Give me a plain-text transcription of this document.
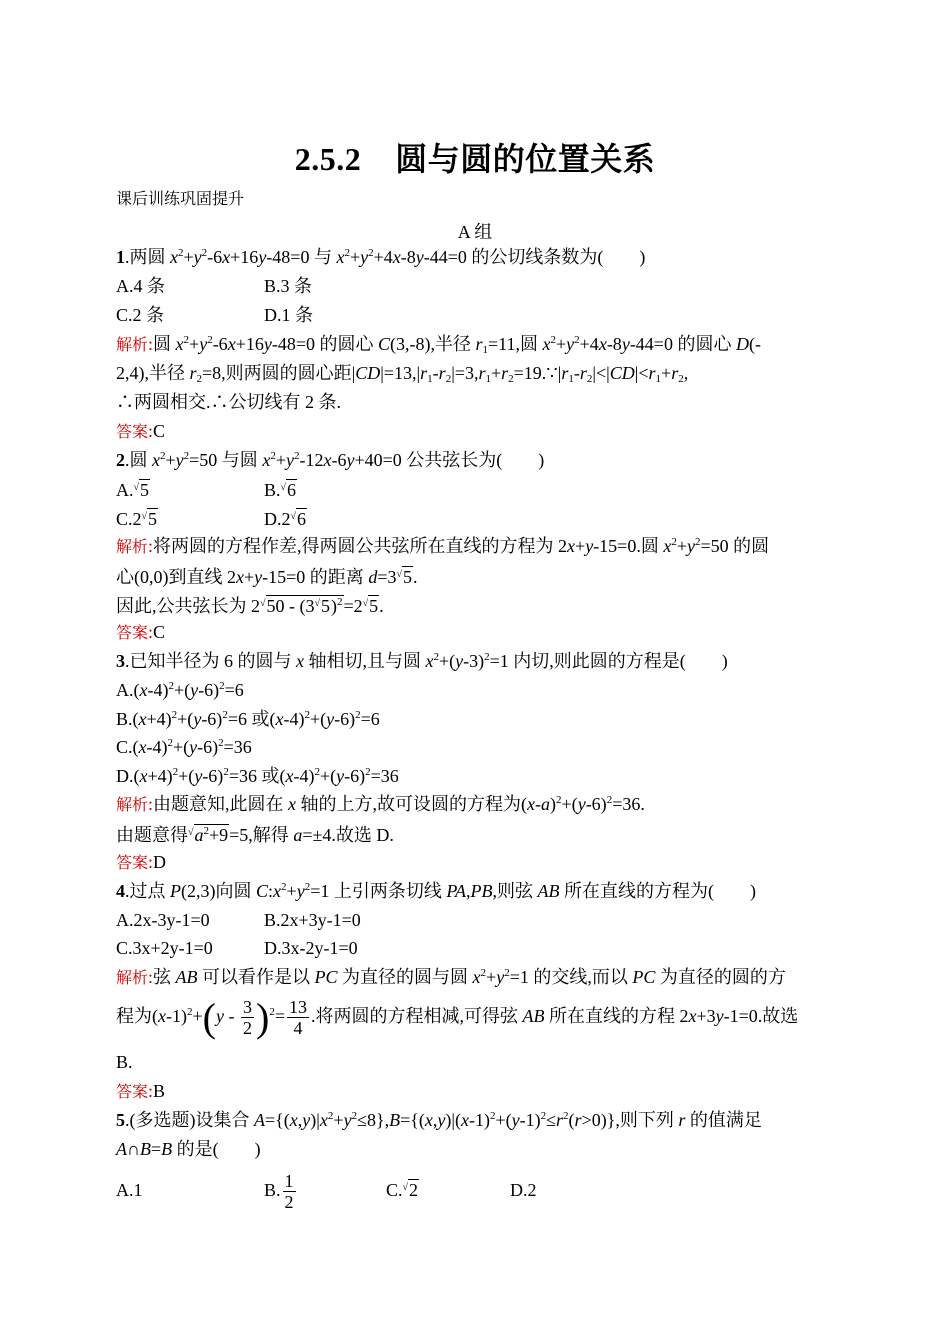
2.5.2 圆与圆的位置关系
课后训练巩固提升
A 组
1.两圆 $x^2+y^2-6x+16y-48=0$ 与 $x^2+y^2+4x-8y-44=0$ 的公切线条数为(　　)
A.4 条	B.3 条
C.2 条	D.1 条
解析:圆 $x^2+y^2-6x+16y-48=0$ 的圆心 C(3,-8),半径 $r_1=11$,圆 $x^2+y^2+4x-8y-44=0$ 的圆心 D(-
2,4),半径 $r_2=8$,则两圆的圆心距$|CD|=13,|r_1-r_2|=3,r_1+r_2=19.\because|r_1-r_2|<|CD|<r_1+r_2$,
∴两圆相交.∴公切线有 2 条.
答案:C
2.圆 $x^2+y^2=50$ 与圆 $x^2+y^2-12x-6y+40=0$ 公共弦长为(　　)
A.√5	B.√6
C.2√5	D.2√6
解析:将两圆的方程作差,得两圆公共弦所在直线的方程为 2x+y-15=0.圆 $x^2+y^2=50$ 的圆
心(0,0)到直线 2x+y-15=0 的距离 d=3√5.
因此,公共弦长为 $2^√50 - (3^√5)^2=2^√5$.
答案:C
3.已知半径为 6 的圆与 x 轴相切,且与圆 $x^2+(y-3)^2=1$ 内切,则此圆的方程是(　　)
$A.(x-4)^2+(y-6)^2=6$
$B.(x+4)^2+(y-6)^2=6$ 或$(x-4)^2+(y-6)^2=6$
$C.(x-4)^2+(y-6)^2=36$
$D.(x+4)^2+(y-6)^2=36$ 或$(x-4)^2+(y-6)^2=36$
解析:由题意知,此圆在 x 轴的上方,故可设圆的方程为$(x-a)^2+(y-6)^2=36$.
由题意得$^√a^2+9=5$,解得 a=±4.故选 D.
答案:D
4.过点 P(2,3)向圆 $C:x^2+y^2=1$ 上引两条切线 PA,PB,则弦 AB 所在直线的方程为(　　)
A.2x-3y-1=0	B.2x+3y-1=0
C.3x+2y-1=0	D.3x-2y-1=0
解析:弦 AB 可以看作是以 PC 为直径的圆与圆 $x^2+y^2=1$ 的交线,而以 PC 为直径的圆的方
程为$(x-1)^2+(y - \frac{3}{2} )^2= \frac{13}{4}$ .将两圆的方程相减,可得弦 AB 所在直线的方程 2x+3y-1=0.故选
B.
答案:B
5.(多选题)设集合 $A=\{(x,y)|x^2+y^2\le 8\},B=\{(x,y)|(x-1)^2+(y-1)^2\le r^2(r>0)\}$,则下列 r 的值满足
A∩B=B 的是(　　)
A.1	B. $\frac{1}{2}$	C.√2	D.2
